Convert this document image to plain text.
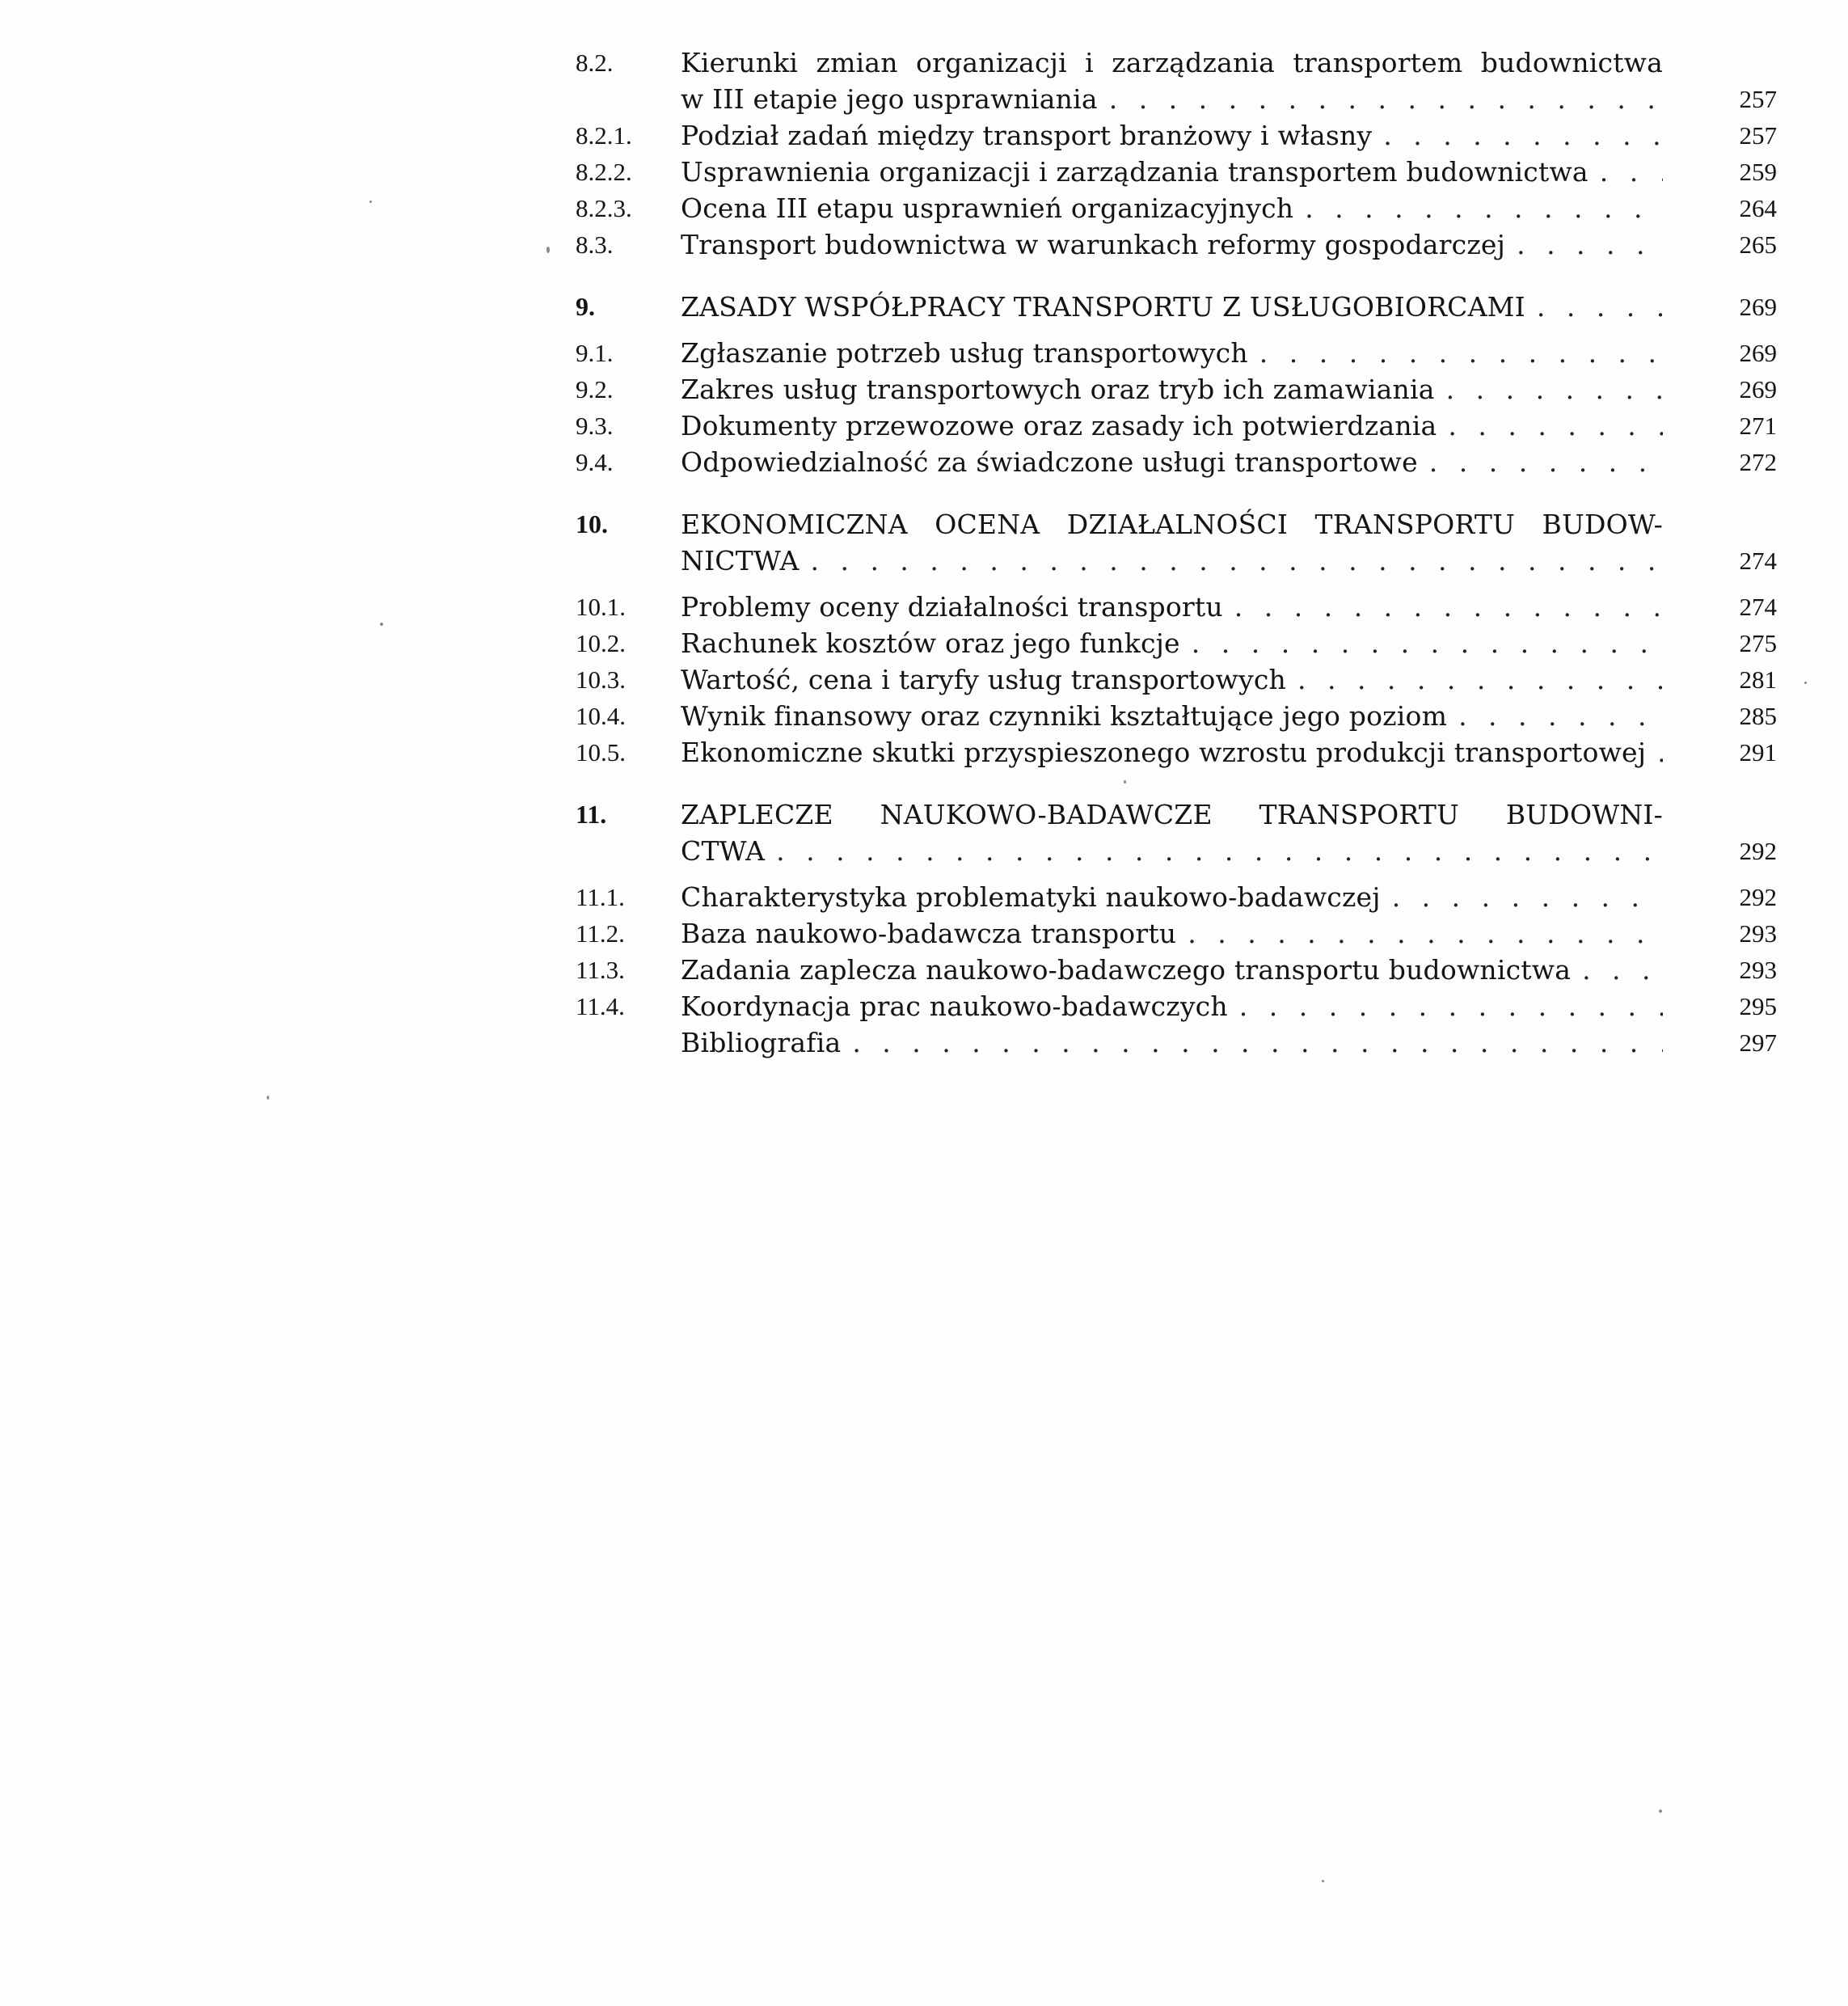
8.2.	Kierunki zmian organizacji i zarządzania transportem budownictwa
w III etapie jego usprawniania . .	257
8.2.1.	Podział zadań między transport branżowy i własny . .	257
8.2.2.	Usprawnienia organizacji i zarządzania transportem budownictwa . .	259
8.2.3.	Ocena III etapu usprawnień organizacyjnych . .	264
8.3.	Transport budownictwa w warunkach reformy gospodarczej . .	265
9.	ZASADY WSPÓŁPRACY TRANSPORTU Z USŁUGOBIORCAMI . .	269
9.1.	Zgłaszanie potrzeb usług transportowych . .	269
9.2.	Zakres usług transportowych oraz tryb ich zamawiania . .	269
9.3.	Dokumenty przewozowe oraz zasady ich potwierdzania . .	271
9.4.	Odpowiedzialność za świadczone usługi transportowe . .	272
10.	EKONOMICZNA OCENA DZIAŁALNOŚCI TRANSPORTU BUDOW-
NICTWA . .	274
10.1.	Problemy oceny działalności transportu . .	274
10.2.	Rachunek kosztów oraz jego funkcje . .	275
10.3.	Wartość, cena i taryfy usług transportowych . .	281
10.4.	Wynik finansowy oraz czynniki kształtujące jego poziom . .	285
10.5.	Ekonomiczne skutki przyspieszonego wzrostu produkcji transportowej . .	291
11.	ZAPLECZE NAUKOWO-BADAWCZE TRANSPORTU BUDOWNI-
CTWA . .	292
11.1.	Charakterystyka problematyki naukowo-badawczej . .	292
11.2.	Baza naukowo-badawcza transportu . .	293
11.3.	Zadania zaplecza naukowo-badawczego transportu budownictwa . .	293
11.4.	Koordynacja prac naukowo-badawczych . .	295
Bibliografia . .	297
